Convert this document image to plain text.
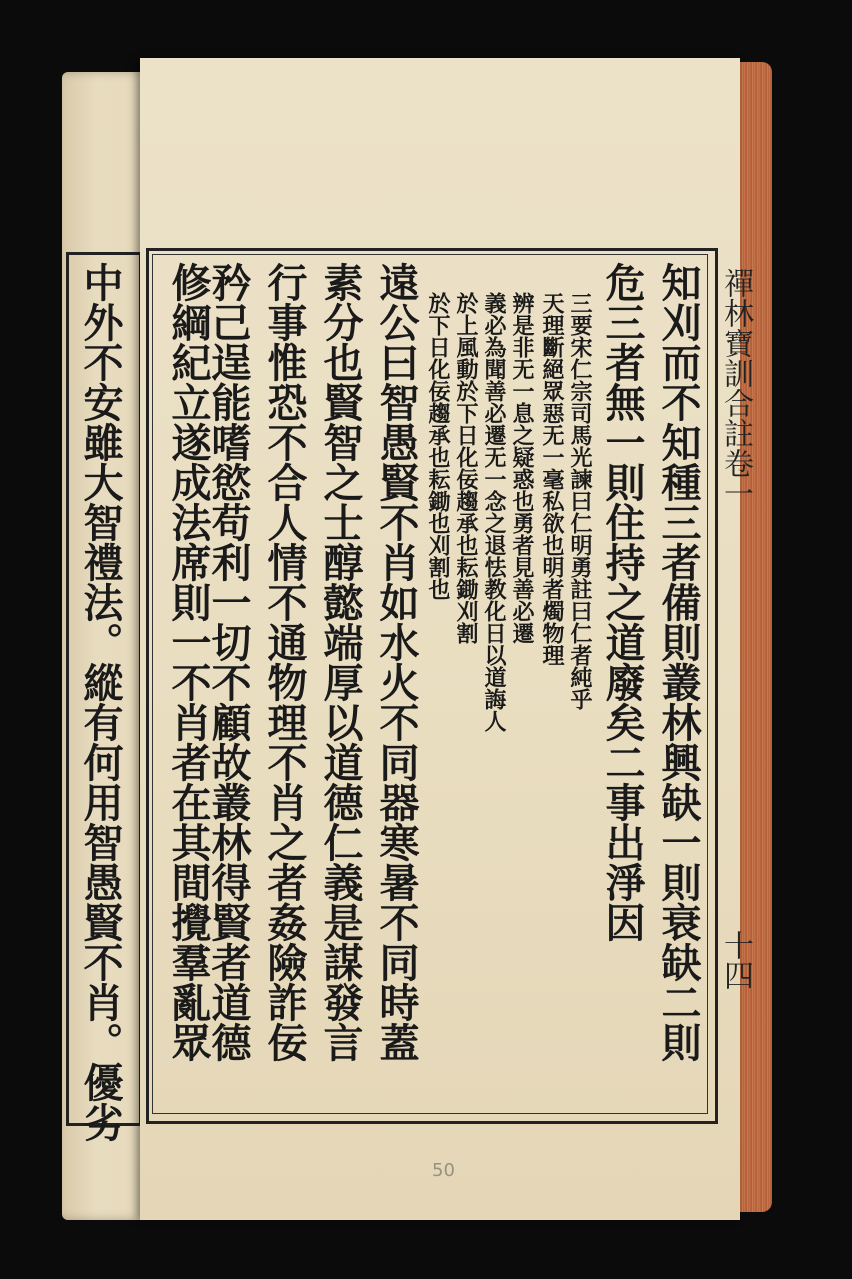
中外不安雖大智禮法。縱有何用智愚賢不肖。優劣	禪林寶訓合註卷一
十四
知刈而不知種三者備則叢林興缺一則衰缺二則
危三者無一則住持之道廢矣二事出淨因
三要宋仁宗司馬光諫曰仁明勇註曰仁者純乎
天理斷絕眾惡无一毫私欲也明者燭物理
辨是非无一息之疑惑也勇者見善必遷
義必為聞善必遷无一念之退怯教化日以道誨人
於上風動於下日化佞趨承也耘鋤刈割
於下日化佞趨承也耘鋤也刈割也
遠公曰智愚賢不肖如水火不同器寒暑不同時蓋
素分也賢智之士醇懿端厚以道德仁義是謀發言
行事惟恐不合人情不通物理不肖之者姦險詐佞
矜己逞能嗜慾苟利一切不顧故叢林得賢者道德
修綱紀立遂成法席則一不肖者在其間攪羣亂眾
50
